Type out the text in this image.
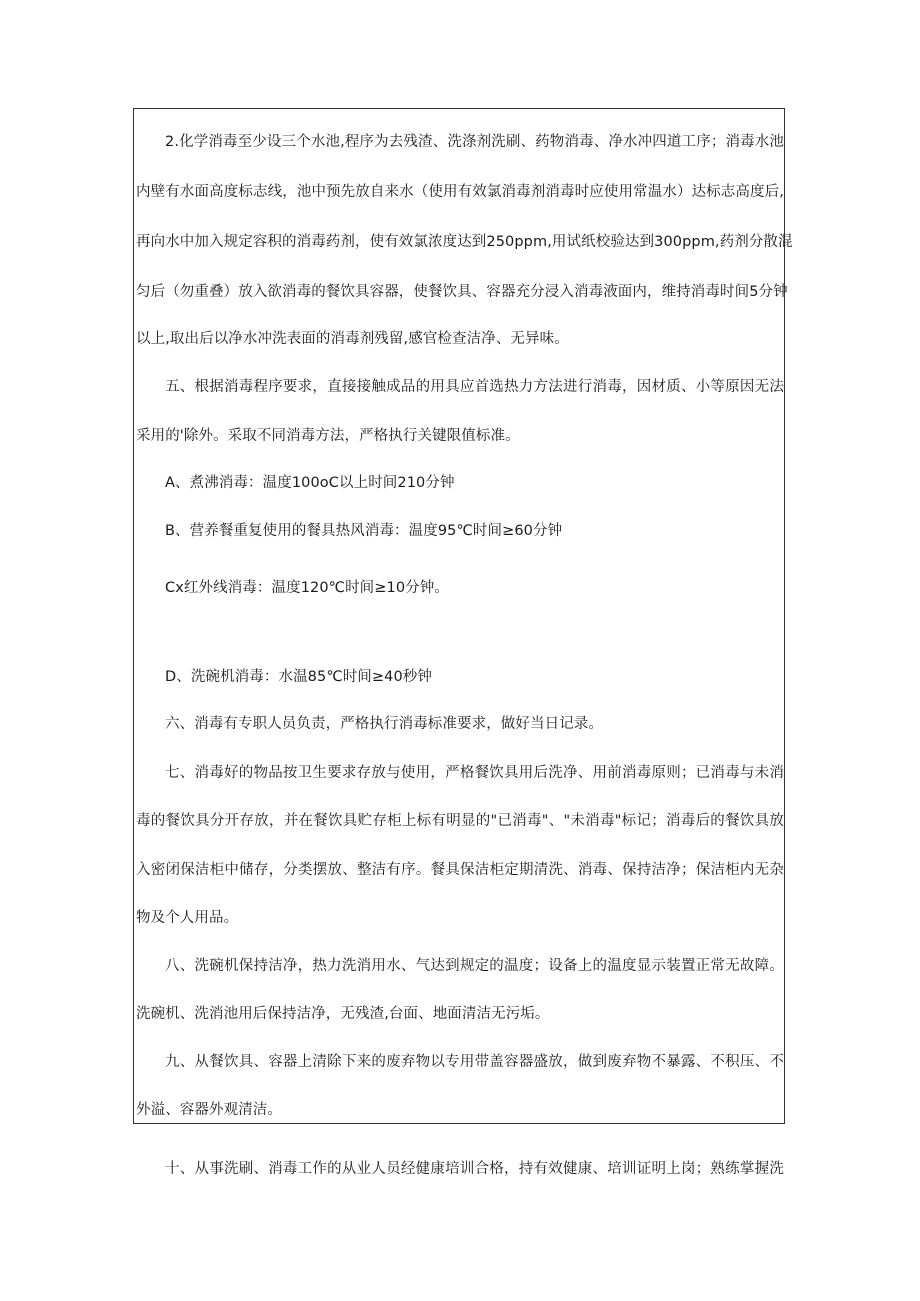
2.化学消毒至少设三个水池,程序为去残渣、洗涤剂洗刷、药物消毒、净水冲四道工序；消毒水池
内壁有水面高度标志线，池中预先放自来水（使用有效氯消毒剂消毒时应使用常温水）达标志高度后,
再向水中加入规定容积的消毒药剂，使有效氯浓度达到250ppm,用试纸校验达到300ppm,药剂分散混
匀后（勿重叠）放入欲消毒的餐饮具容器，使餐饮具、容器充分浸入消毒液面内，维持消毒时间5分钟
以上,取出后以净水冲洗表面的消毒剂残留,感官检查洁净、无异味。
五、根据消毒程序要求，直接接触成品的用具应首选热力方法进行消毒，因材质、小等原因无法
采用的'除外。采取不同消毒方法，严格执行关键限值标准。
A、煮沸消毒：温度100oC以上时间210分钟
B、营养餐重复使用的餐具热风消毒：温度95℃时间≥60分钟
Cx红外线消毒：温度120℃时间≥10分钟。
D、洗碗机消毒：水温85℃时间≥40秒钟
六、消毒有专职人员负责，严格执行消毒标准要求，做好当日记录。
七、消毒好的物品按卫生要求存放与使用，严格餐饮具用后洗净、用前消毒原则；已消毒与未消
毒的餐饮具分开存放，并在餐饮具贮存柜上标有明显的"已消毒"、"未消毒"标记；消毒后的餐饮具放
入密闭保洁柜中储存，分类摆放、整洁有序。餐具保洁柜定期清洗、消毒、保持洁净；保洁柜内无杂
物及个人用品。
八、洗碗机保持洁净，热力洗消用水、气达到规定的温度；设备上的温度显示装置正常无故障。
洗碗机、洗消池用后保持洁净，无残渣,台面、地面清洁无污垢。
九、从餐饮具、容器上清除下来的废弃物以专用带盖容器盛放，做到废弃物不暴露、不积压、不
外溢、容器外观清洁。
十、从事洗刷、消毒工作的从业人员经健康培训合格，持有效健康、培训证明上岗；熟练掌握洗
